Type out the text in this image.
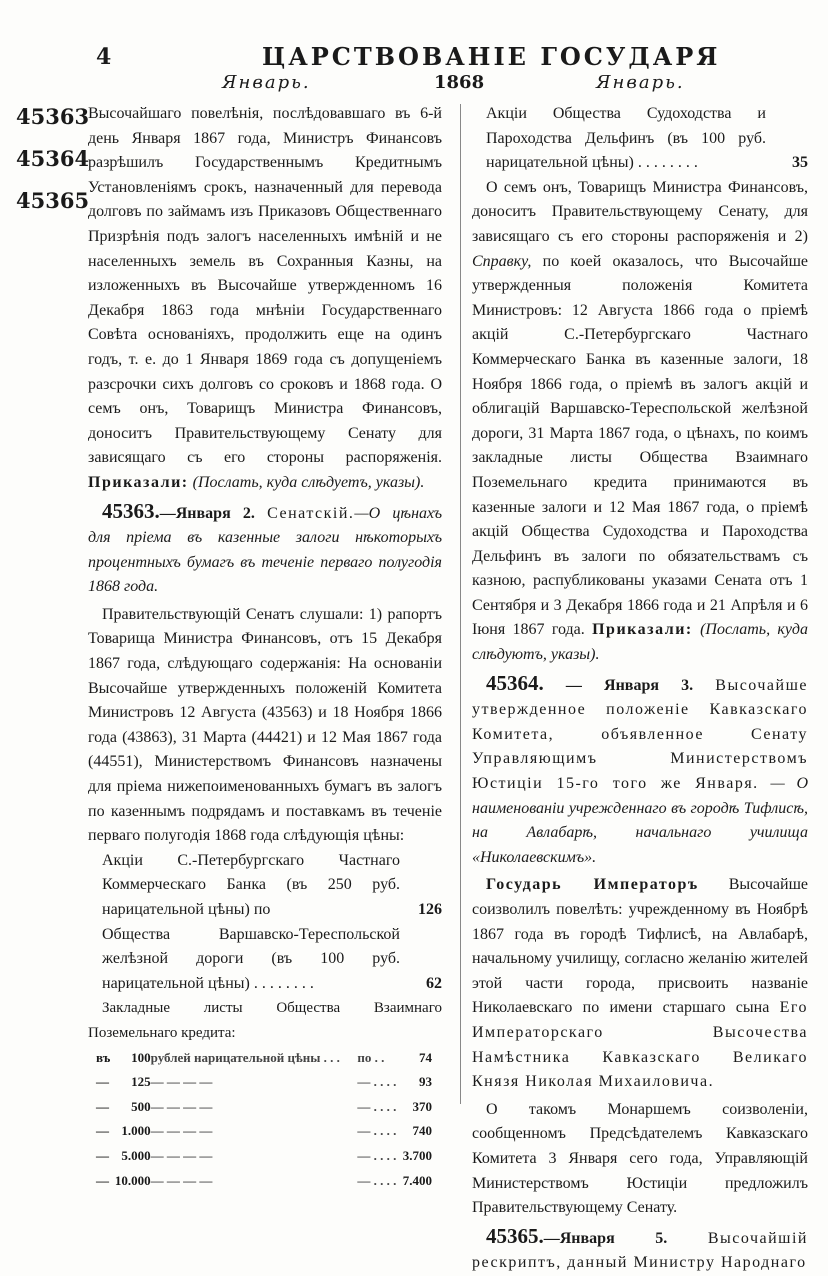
4	ЦАРСТВОВАНІЕ ГОСУДАРЯ
Январь.	1868	Январь.
45363
45364
45365

Высочайшаго повелѣнія, послѣдовавшаго въ 6-й день Января 1867 года, Министръ Финансовъ разрѣшилъ Государственнымъ Кредитнымъ Установленіямъ срокъ, назначенный для перевода долговъ по займамъ изъ Приказовъ Общественнаго Призрѣнія подъ залогъ населенныхъ имѣній и не населенныхъ земель въ Сохранныя Казны, на изложенныхъ въ Высочайше утвержденномъ 16 Декабря 1863 года мнѣніи Государственнаго Совѣта основаніяхъ, продолжить еще на одинъ годъ, т. е. до 1 Января 1869 года съ допущеніемъ разсрочки сихъ долговъ со сроковъ и 1868 года. О семъ онъ, Товарищъ Министра Финансовъ, доноситъ Правительствующему Сенату для зависящаго съ его стороны распоряженія. Приказали: (Послать, куда слѣдуетъ, указы).

45363.—Января 2. Сенатскій.—О цѣнахъ для пріема въ казенные залоги нѣкоторыхъ процентныхъ бумагъ въ теченіе перваго полугодія 1868 года.

Правительствующій Сенатъ слушали: 1) рапортъ Товарища Министра Финансовъ, отъ 15 Декабря 1867 года, слѣдующаго содержанія: На основаніи Высочайше утвержденныхъ положеній Комитета Министровъ 12 Августа (43563) и 18 Ноября 1866 года (43863), 31 Марта (44421) и 12 Мая 1867 года (44551), Министерствомъ Финансовъ назначены для пріема нижепоименованныхъ бумагъ въ залогъ по казеннымъ подрядамъ и поставкамъ въ теченіе перваго полугодія 1868 года слѣдующія цѣны:

Акціи С.-Петербургскаго Частнаго Коммерческаго Банка (въ 250 руб. нарицательной цѣны) по	126
Общества Варшавско-Тереспольской желѣзной дороги (въ 100 руб. нарицательной цѣны) . . . . . . . .	62

Закладные листы Общества Взаимнаго Поземельнаго кредита:

въ	100	рублей нарицательной цѣны . . .	по . .	74
—	125	— — — —	— . . . .	93
—	500	— — — —	— . . . .	370
—	1.000	— — — —	— . . . .	740
—	5.000	— — — —	— . . . .	3.700
—	10.000	— — — —	— . . . .	7.400
Акціи Общества Судоходства и Пароходства Дельфинъ (въ 100 руб. нарицательной цѣны) . . . . . . . .	35

О семъ онъ, Товарищъ Министра Финансовъ, доноситъ Правительствующему Сенату, для зависящаго съ его стороны распоряженія и 2) Справку, по коей оказалось, что Высочайше утвержденныя положенія Комитета Министровъ: 12 Августа 1866 года о пріемѣ акцій С.-Петербургскаго Частнаго Коммерческаго Банка въ казенные залоги, 18 Ноября 1866 года, о пріемѣ въ залогъ акцій и облигацій Варшавско-Тереспольской желѣзной дороги, 31 Марта 1867 года, о цѣнахъ, по коимъ закладные листы Общества Взаимнаго Поземельнаго кредита принимаются въ казенные залоги и 12 Мая 1867 года, о пріемѣ акцій Общества Судоходства и Пароходства Дельфинъ въ залоги по обязательствамъ съ казною, распубликованы указами Сената отъ 1 Сентября и 3 Декабря 1866 года и 21 Апрѣля и 6 Іюня 1867 года. Приказали: (Послать, куда слѣдуютъ, указы).

45364. — Января 3. Высочайше утвержденное положеніе Кавказскаго Комитета, объявленное Сенату Управляющимъ Министерствомъ Юстиціи 15-го того же Января. — О наименованіи учрежденнаго въ городѣ Тифлисѣ, на Авлабарѣ, начальнаго училища «Николаевскимъ».

Государь Императоръ Высочайше соизволилъ повелѣть: учрежденному въ Ноябрѣ 1867 года въ городѣ Тифлисѣ, на Авлабарѣ, начальному училищу, согласно желанію жителей этой части города, присвоить названіе Николаевскаго по имени старшаго сына Его Императорскаго Высочества Намѣстника Кавказскаго Великаго Князя Николая Михаиловича.

О такомъ Монаршемъ соизволеніи, сообщенномъ Предсѣдателемъ Кавказскаго Комитета 3 Января сего года, Управляющій Министерствомъ Юстиціи предложилъ Правительствующему Сенату.

45365.—Января 5.	Высочайшій рескриптъ, данный Министру Народнаго
